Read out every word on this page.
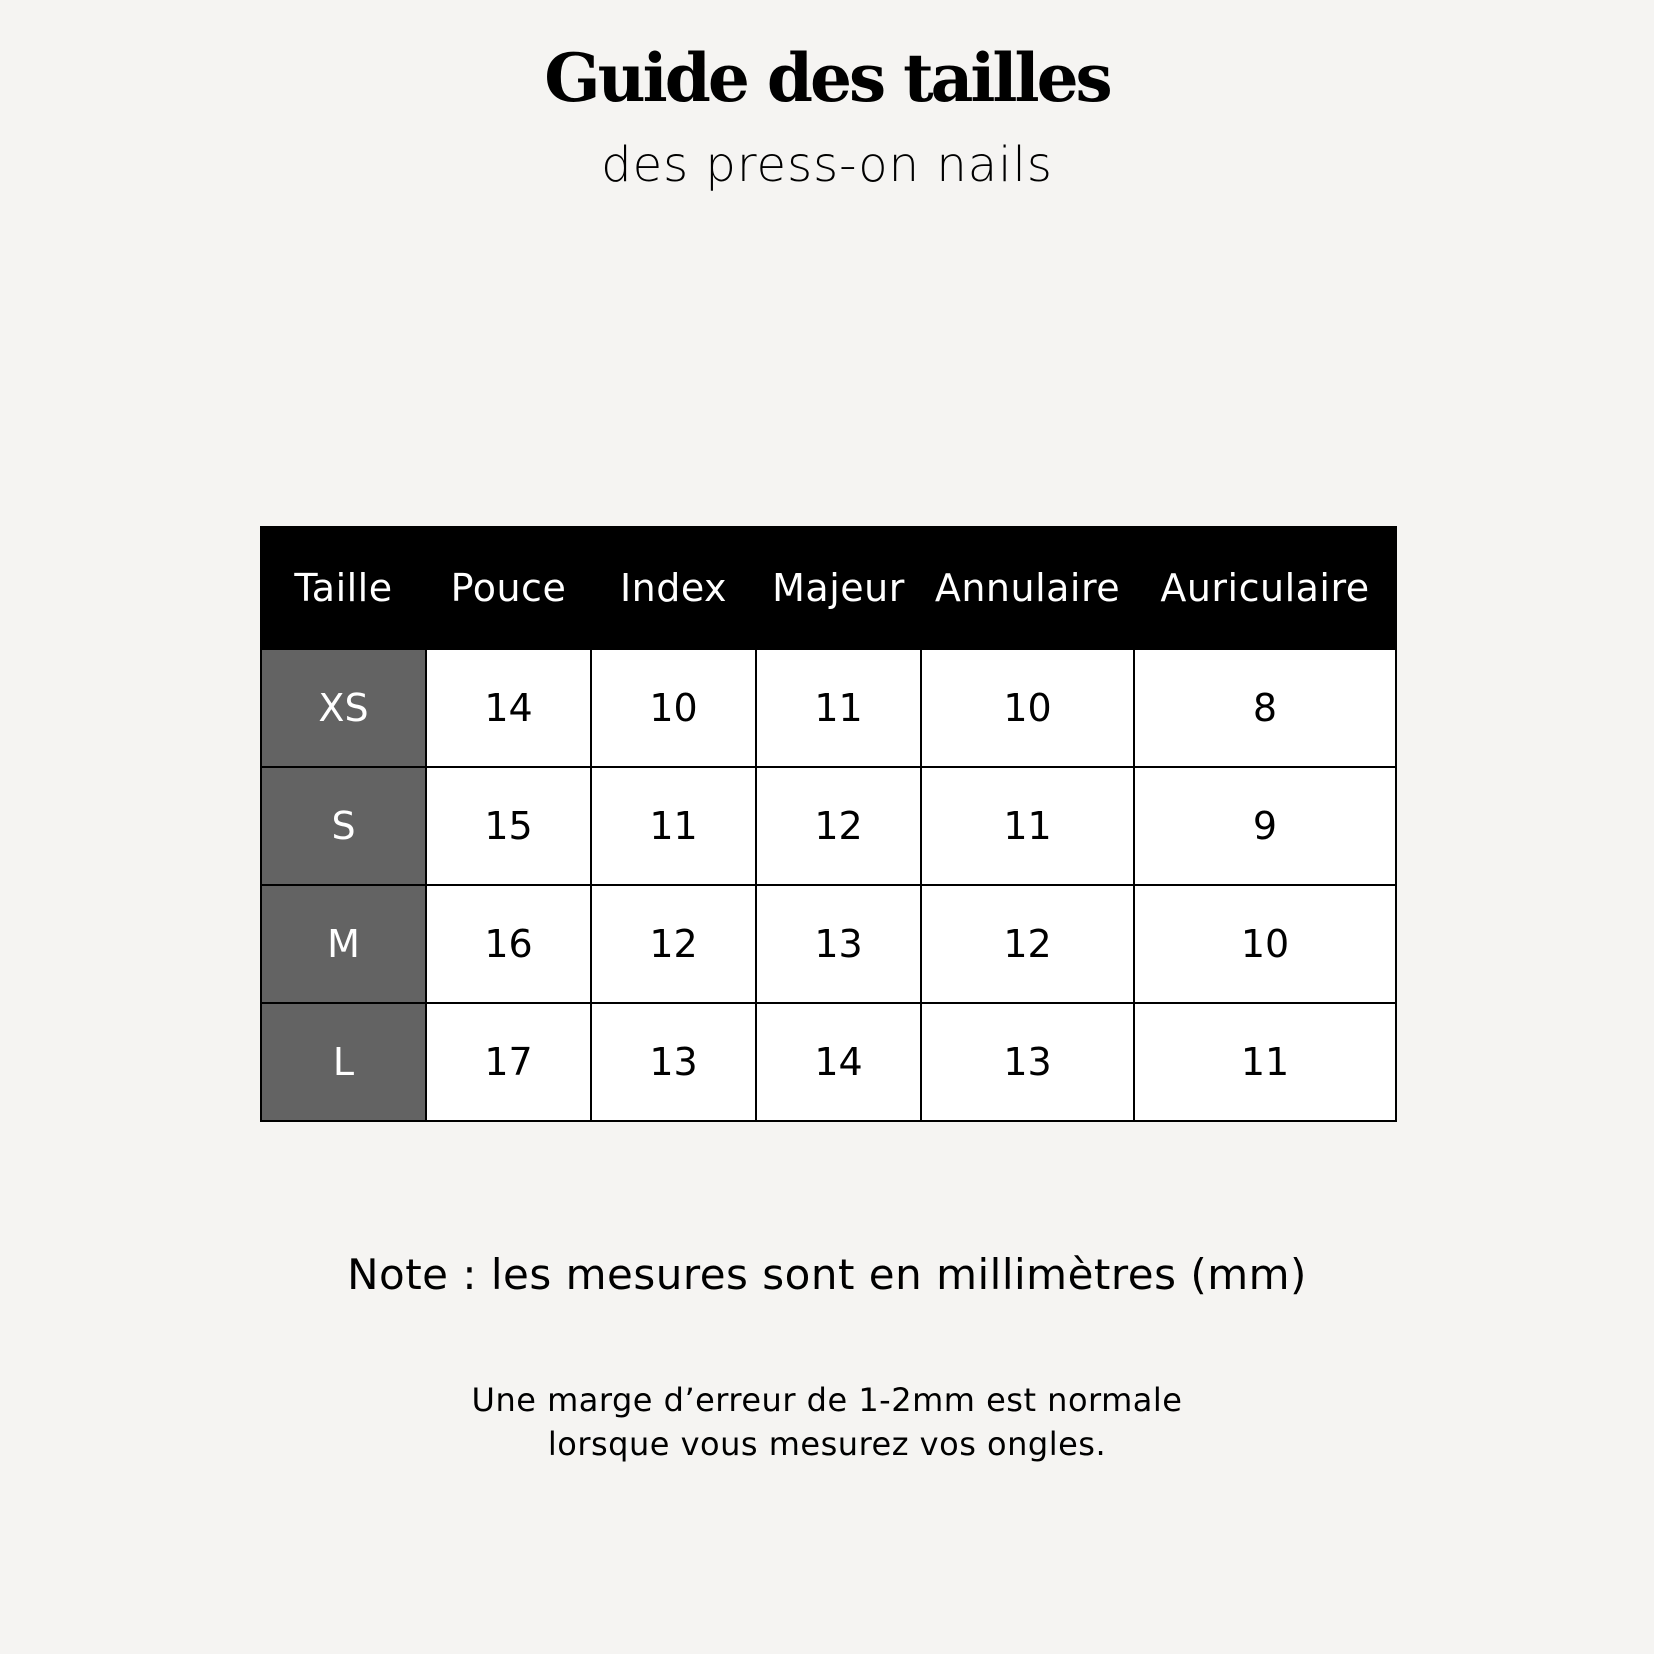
Guide des tailles

des press-on nails

Taille	Pouce	Index	Majeur	Annulaire	Auriculaire
XS	14	10	11	10	8
S	15	11	12	11	9
M	16	12	13	12	10
L	17	13	14	13	11

Note : les mesures sont en millimètres (mm)

Une marge d’erreur de 1-2mm est normale
lorsque vous mesurez vos ongles.
